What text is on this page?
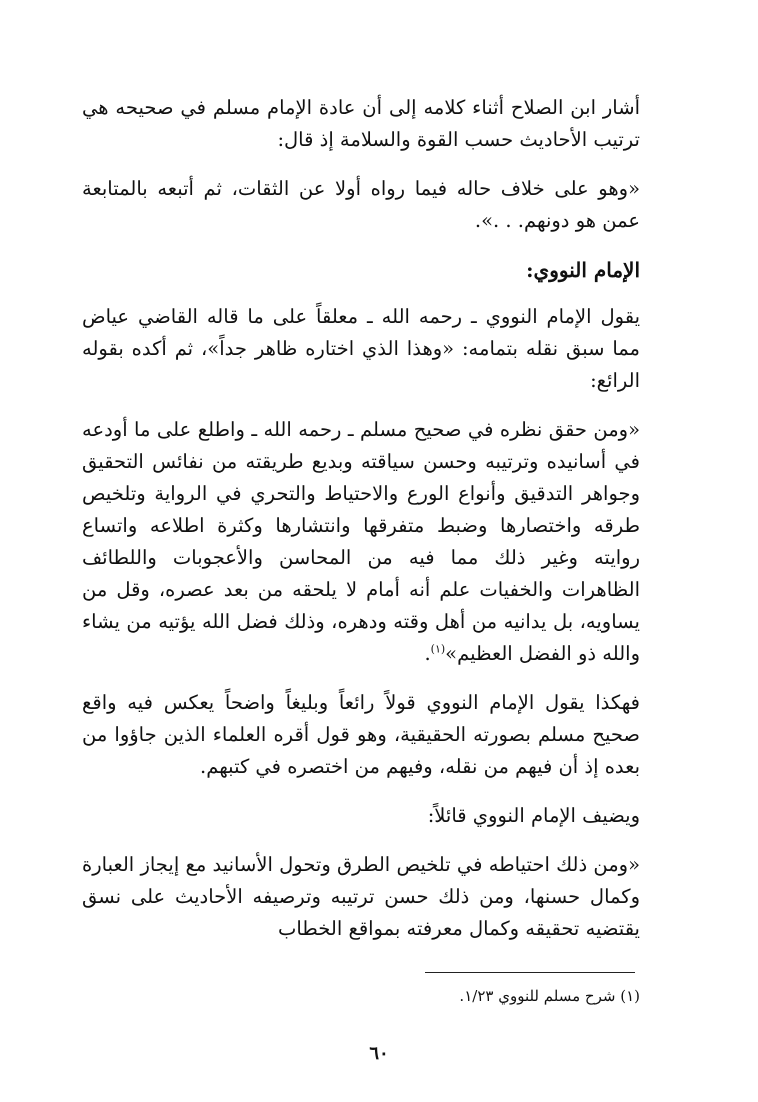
أشار ابن الصلاح أثناء كلامه إلى أن عادة الإمام مسلم في صحيحه هي ترتيب الأحاديث حسب القوة والسلامة إذ قال:

«وهو على خلاف حاله فيما رواه أولا عن الثقات، ثم أتبعه بالمتابعة عمن هو دونهم. . .».

الإمام النووي:

يقول الإمام النووي ـ رحمه الله ـ معلقاً على ما قاله القاضي عياض مما سبق نقله بتمامه: «وهذا الذي اختاره ظاهر جداً»، ثم أكده بقوله الرائع:

«ومن حقق نظره في صحيح مسلم ـ رحمه الله ـ واطلع على ما أودعه في أسانيده وترتيبه وحسن سياقته وبديع طريقته من نفائس التحقيق وجواهر التدقيق وأنواع الورع والاحتياط والتحري في الرواية وتلخيص طرقه واختصارها وضبط متفرقها وانتشارها وكثرة اطلاعه واتساع روايته وغير ذلك مما فيه من المحاسن والأعجوبات واللطائف الظاهرات والخفيات علم أنه أمام لا يلحقه من بعد عصره، وقل من يساويه، بل يدانيه من أهل وقته ودهره، وذلك فضل الله يؤتيه من يشاء والله ذو الفضل العظيم»$^{(١)}$.

فهكذا يقول الإمام النووي قولاً رائعاً وبليغاً واضحاً يعكس فيه واقع صحيح مسلم بصورته الحقيقية، وهو قول أقره العلماء الذين جاؤوا من بعده إذ أن فيهم من نقله، وفيهم من اختصره في كتبهم.

ويضيف الإمام النووي قائلاً:

«ومن ذلك احتياطه في تلخيص الطرق وتحول الأسانيد مع إيجاز العبارة وكمال حسنها، ومن ذلك حسن ترتيبه وترصيفه الأحاديث على نسق يقتضيه تحقيقه وكمال معرفته بمواقع الخطاب

(١) شرح مسلم للنووي ١/٢٣.
٦٠
